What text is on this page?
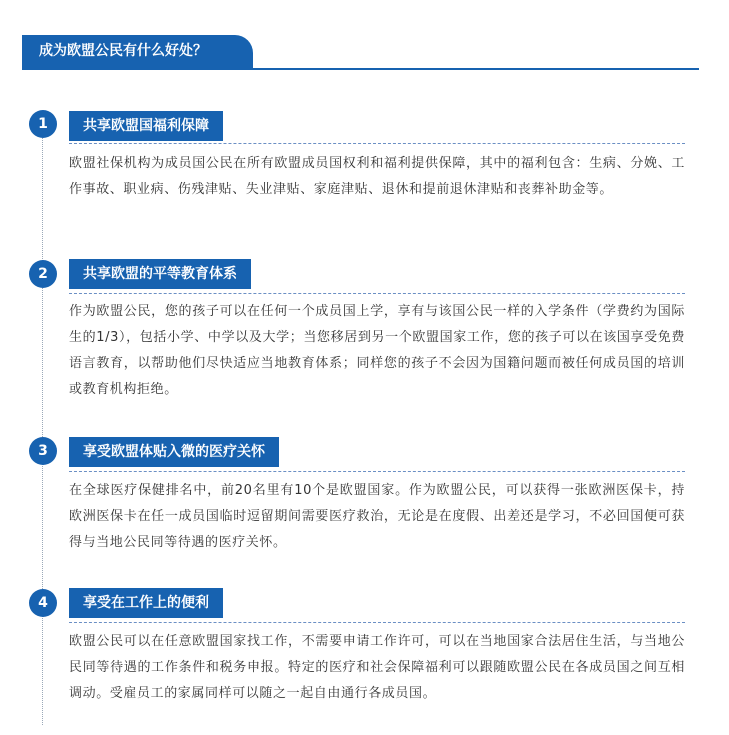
成为欧盟公民有什么好处？
1	共享欧盟国福利保障
欧盟社保机构为成员国公民在所有欧盟成员国权利和福利提供保障，其中的福利包含：生病、分娩、工作事故、职业病、伤残津贴、失业津贴、家庭津贴、退休和提前退休津贴和丧葬补助金等。
2	共享欧盟的平等教育体系
作为欧盟公民，您的孩子可以在任何一个成员国上学，享有与该国公民一样的入学条件（学费约为国际生的1/3），包括小学、中学以及大学；当您移居到另一个欧盟国家工作，您的孩子可以在该国享受免费语言教育，以帮助他们尽快适应当地教育体系；同样您的孩子不会因为国籍问题而被任何成员国的培训或教育机构拒绝。
3	享受欧盟体贴入微的医疗关怀
在全球医疗保健排名中，前20名里有10个是欧盟国家。作为欧盟公民，可以获得一张欧洲医保卡，持欧洲医保卡在任一成员国临时逗留期间需要医疗救治，无论是在度假、出差还是学习，不必回国便可获得与当地公民同等待遇的医疗关怀。
4	享受在工作上的便利
欧盟公民可以在任意欧盟国家找工作，不需要申请工作许可，可以在当地国家合法居住生活，与当地公民同等待遇的工作条件和税务申报。特定的医疗和社会保障福利可以跟随欧盟公民在各成员国之间互相调动。受雇员工的家属同样可以随之一起自由通行各成员国。
